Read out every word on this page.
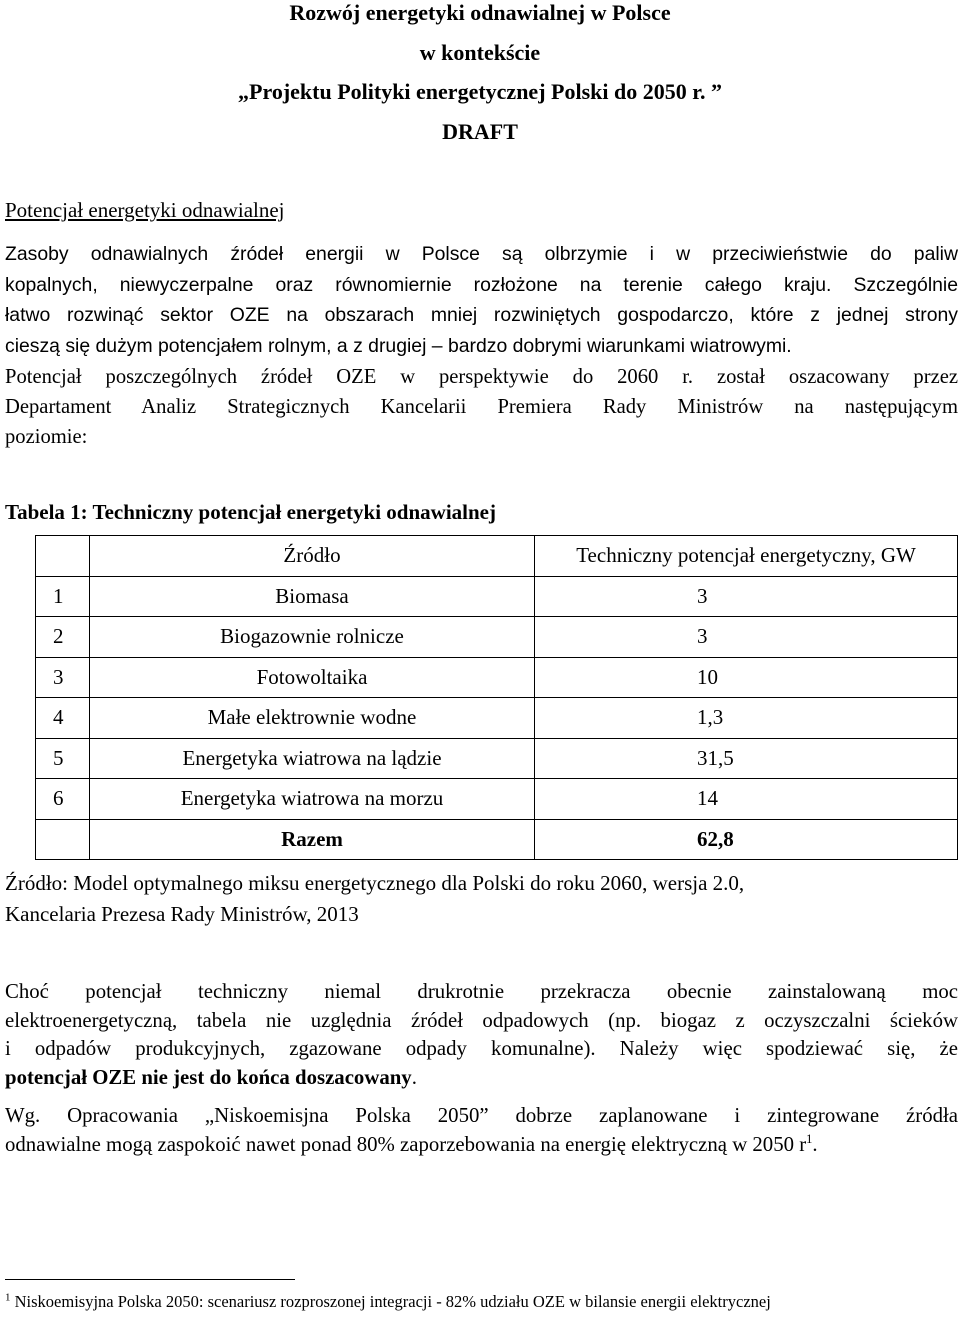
Rozwój energetyki odnawialnej w Polsce
w kontekście
„Projektu Polityki energetycznej Polski do 2050 r. ”
DRAFT
Potencjał energetyki odnawialnej
Zasoby odnawialnych źródeł energii w Polsce są olbrzymie i w przeciwieństwie do paliw
kopalnych, niewyczerpalne oraz równomiernie rozłożone na terenie całego kraju. Szczególnie
łatwo rozwinąć sektor OZE na obszarach mniej rozwiniętych gospodarczo, które z jednej strony
cieszą się dużym potencjałem rolnym, a z drugiej – bardzo dobrymi wiarunkami wiatrowymi.
Potencjał poszczególnych źródeł OZE w perspektywie do 2060 r. został oszacowany przez
Departament Analiz Strategicznych Kancelarii Premiera Rady Ministrów na następującym
poziomie:
Tabela 1: Techniczny potencjał energetyki odnawialnej
	Źródło	Techniczny potencjał energetyczny, GW
1	Biomasa	3
2	Biogazownie rolnicze	3
3	Fotowoltaika	10
4	Małe elektrownie wodne	1,3
5	Energetyka wiatrowa na lądzie	31,5
6	Energetyka wiatrowa na morzu	14
	Razem	62,8
Źródło: Model optymalnego miksu energetycznego dla Polski do roku 2060, wersja 2.0,
Kancelaria Prezesa Rady Ministrów, 2013
Choć potencjał techniczny niemal drukrotnie przekracza obecnie zainstalowaną moc
elektroenergetyczną, tabela nie uzględnia źródeł odpadowych (np. biogaz z oczyszczalni ścieków
i odpadów produkcyjnych, zgazowane odpady komunalne). Należy więc spodziewać się, że
potencjał OZE nie jest do końca doszacowany.
Wg. Opracowania „Niskoemisjna Polska 2050” dobrze zaplanowane i zintegrowane źródła
odnawialne mogą zaspokoić nawet ponad 80% zaporzebowania na energię elektryczną w 2050 $r^1$.
$^1$ Niskoemisyjna Polska 2050: scenariusz rozproszonej integracji - 82% udziału OZE w bilansie energii elektrycznej
